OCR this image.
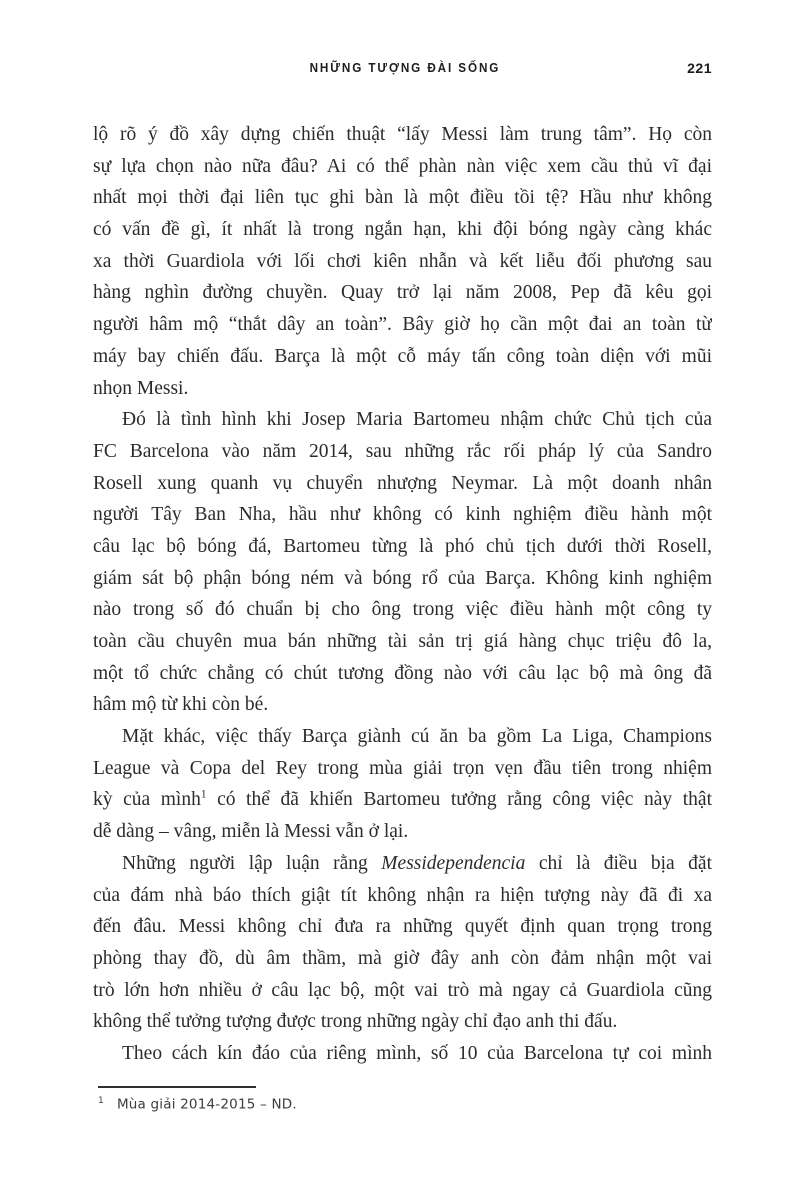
NHỮNG TƯỢNG ĐÀI SỐNG	221
lộ rõ ý đồ xây dựng chiến thuật “lấy Messi làm trung tâm”. Họ còn
sự lựa chọn nào nữa đâu? Ai có thể phàn nàn việc xem cầu thủ vĩ đại
nhất mọi thời đại liên tục ghi bàn là một điều tồi tệ? Hầu như không
có vấn đề gì, ít nhất là trong ngắn hạn, khi đội bóng ngày càng khác
xa thời Guardiola với lối chơi kiên nhẫn và kết liễu đối phương sau
hàng nghìn đường chuyền. Quay trở lại năm 2008, Pep đã kêu gọi
người hâm mộ “thắt dây an toàn”. Bây giờ họ cần một đai an toàn từ
máy bay chiến đấu. Barça là một cỗ máy tấn công toàn diện với mũi
nhọn Messi.
Đó là tình hình khi Josep Maria Bartomeu nhậm chức Chủ tịch của
FC Barcelona vào năm 2014, sau những rắc rối pháp lý của Sandro
Rosell xung quanh vụ chuyển nhượng Neymar. Là một doanh nhân
người Tây Ban Nha, hầu như không có kinh nghiệm điều hành một
câu lạc bộ bóng đá, Bartomeu từng là phó chủ tịch dưới thời Rosell,
giám sát bộ phận bóng ném và bóng rổ của Barça. Không kinh nghiệm
nào trong số đó chuẩn bị cho ông trong việc điều hành một công ty
toàn cầu chuyên mua bán những tài sản trị giá hàng chục triệu đô la,
một tổ chức chẳng có chút tương đồng nào với câu lạc bộ mà ông đã
hâm mộ từ khi còn bé.
Mặt khác, việc thấy Barça giành cú ăn ba gồm La Liga, Champions
League và Copa del Rey trong mùa giải trọn vẹn đầu tiên trong nhiệm
kỳ của mình$^1$ có thể đã khiến Bartomeu tưởng rằng công việc này thật
dễ dàng – vâng, miễn là Messi vẫn ở lại.
Những người lập luận rằng Messidependencia chỉ là điều bịa đặt
của đám nhà báo thích giật tít không nhận ra hiện tượng này đã đi xa
đến đâu. Messi không chỉ đưa ra những quyết định quan trọng trong
phòng thay đồ, dù âm thầm, mà giờ đây anh còn đảm nhận một vai
trò lớn hơn nhiều ở câu lạc bộ, một vai trò mà ngay cả Guardiola cũng
không thể tưởng tượng được trong những ngày chỉ đạo anh thi đấu.
Theo cách kín đáo của riêng mình, số 10 của Barcelona tự coi mình
1 Mùa giải 2014-2015 – ND.
